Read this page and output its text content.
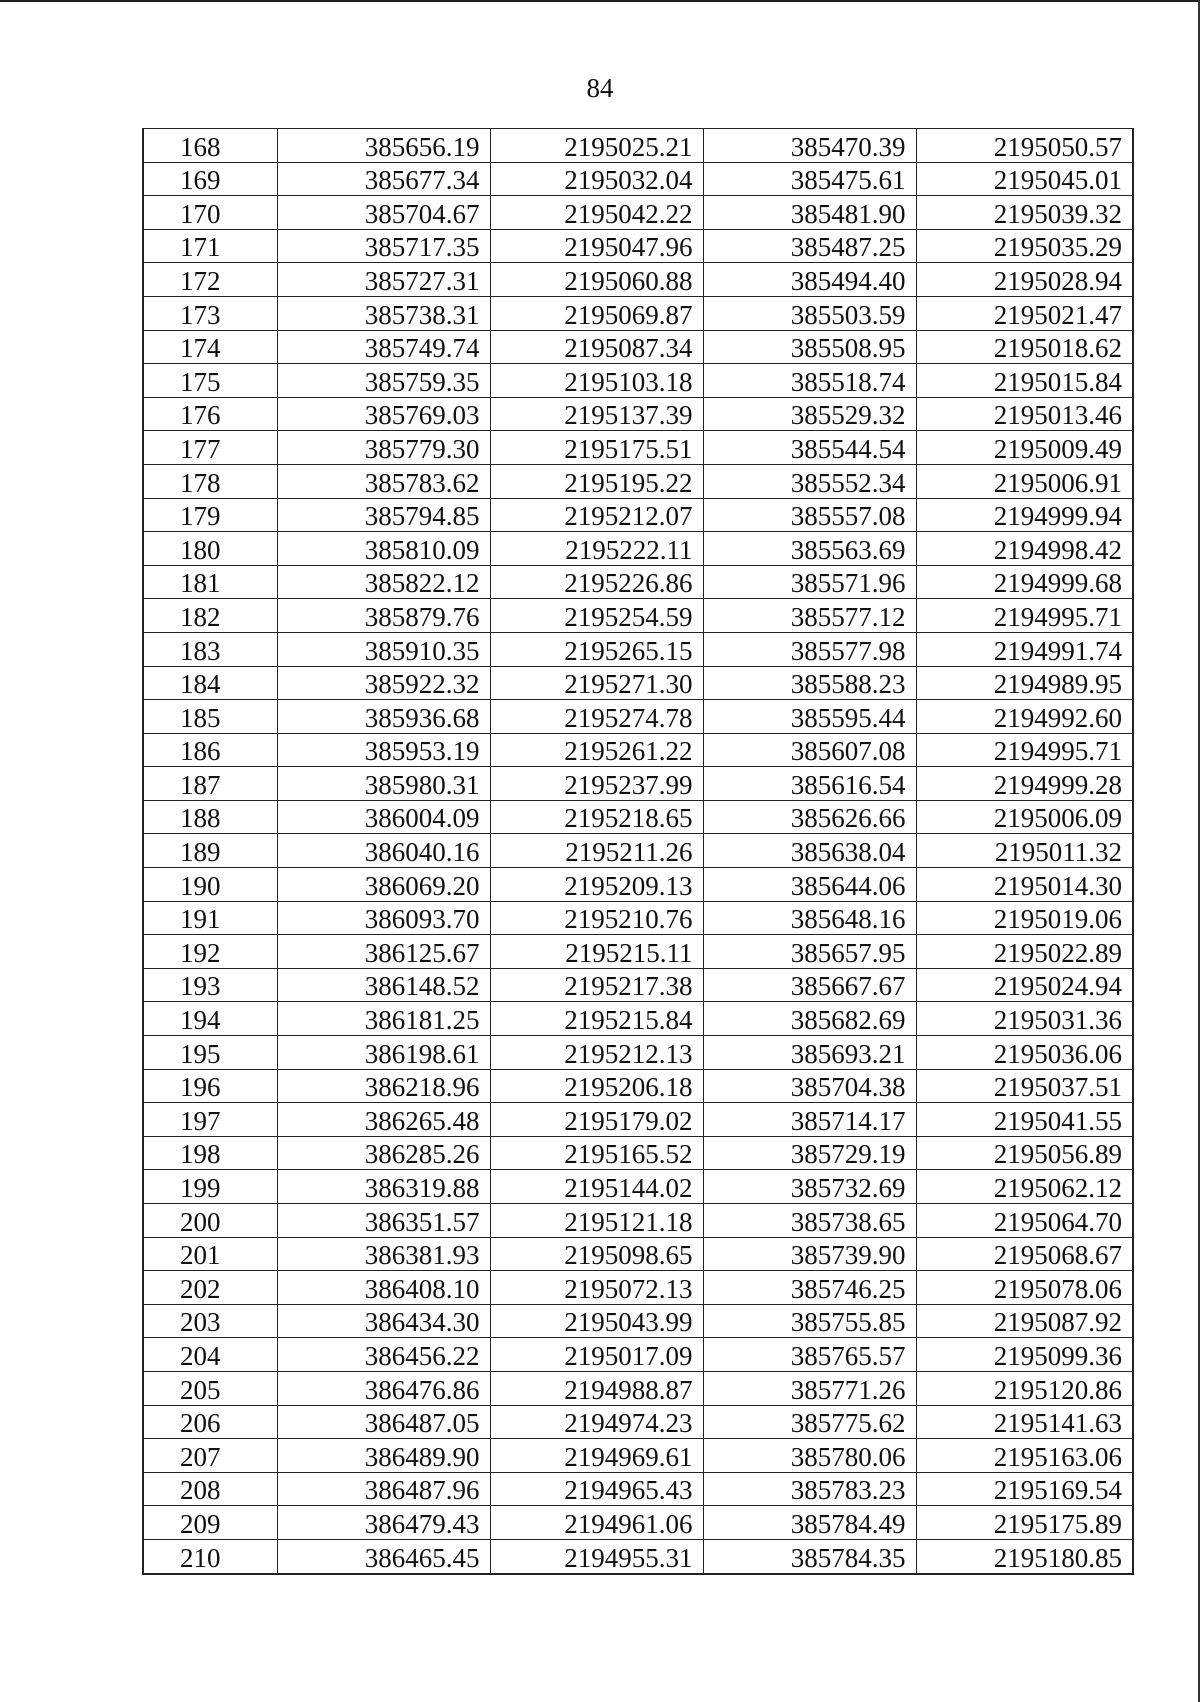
84
168	385656.19	2195025.21	385470.39	2195050.57
169	385677.34	2195032.04	385475.61	2195045.01
170	385704.67	2195042.22	385481.90	2195039.32
171	385717.35	2195047.96	385487.25	2195035.29
172	385727.31	2195060.88	385494.40	2195028.94
173	385738.31	2195069.87	385503.59	2195021.47
174	385749.74	2195087.34	385508.95	2195018.62
175	385759.35	2195103.18	385518.74	2195015.84
176	385769.03	2195137.39	385529.32	2195013.46
177	385779.30	2195175.51	385544.54	2195009.49
178	385783.62	2195195.22	385552.34	2195006.91
179	385794.85	2195212.07	385557.08	2194999.94
180	385810.09	2195222.11	385563.69	2194998.42
181	385822.12	2195226.86	385571.96	2194999.68
182	385879.76	2195254.59	385577.12	2194995.71
183	385910.35	2195265.15	385577.98	2194991.74
184	385922.32	2195271.30	385588.23	2194989.95
185	385936.68	2195274.78	385595.44	2194992.60
186	385953.19	2195261.22	385607.08	2194995.71
187	385980.31	2195237.99	385616.54	2194999.28
188	386004.09	2195218.65	385626.66	2195006.09
189	386040.16	2195211.26	385638.04	2195011.32
190	386069.20	2195209.13	385644.06	2195014.30
191	386093.70	2195210.76	385648.16	2195019.06
192	386125.67	2195215.11	385657.95	2195022.89
193	386148.52	2195217.38	385667.67	2195024.94
194	386181.25	2195215.84	385682.69	2195031.36
195	386198.61	2195212.13	385693.21	2195036.06
196	386218.96	2195206.18	385704.38	2195037.51
197	386265.48	2195179.02	385714.17	2195041.55
198	386285.26	2195165.52	385729.19	2195056.89
199	386319.88	2195144.02	385732.69	2195062.12
200	386351.57	2195121.18	385738.65	2195064.70
201	386381.93	2195098.65	385739.90	2195068.67
202	386408.10	2195072.13	385746.25	2195078.06
203	386434.30	2195043.99	385755.85	2195087.92
204	386456.22	2195017.09	385765.57	2195099.36
205	386476.86	2194988.87	385771.26	2195120.86
206	386487.05	2194974.23	385775.62	2195141.63
207	386489.90	2194969.61	385780.06	2195163.06
208	386487.96	2194965.43	385783.23	2195169.54
209	386479.43	2194961.06	385784.49	2195175.89
210	386465.45	2194955.31	385784.35	2195180.85
